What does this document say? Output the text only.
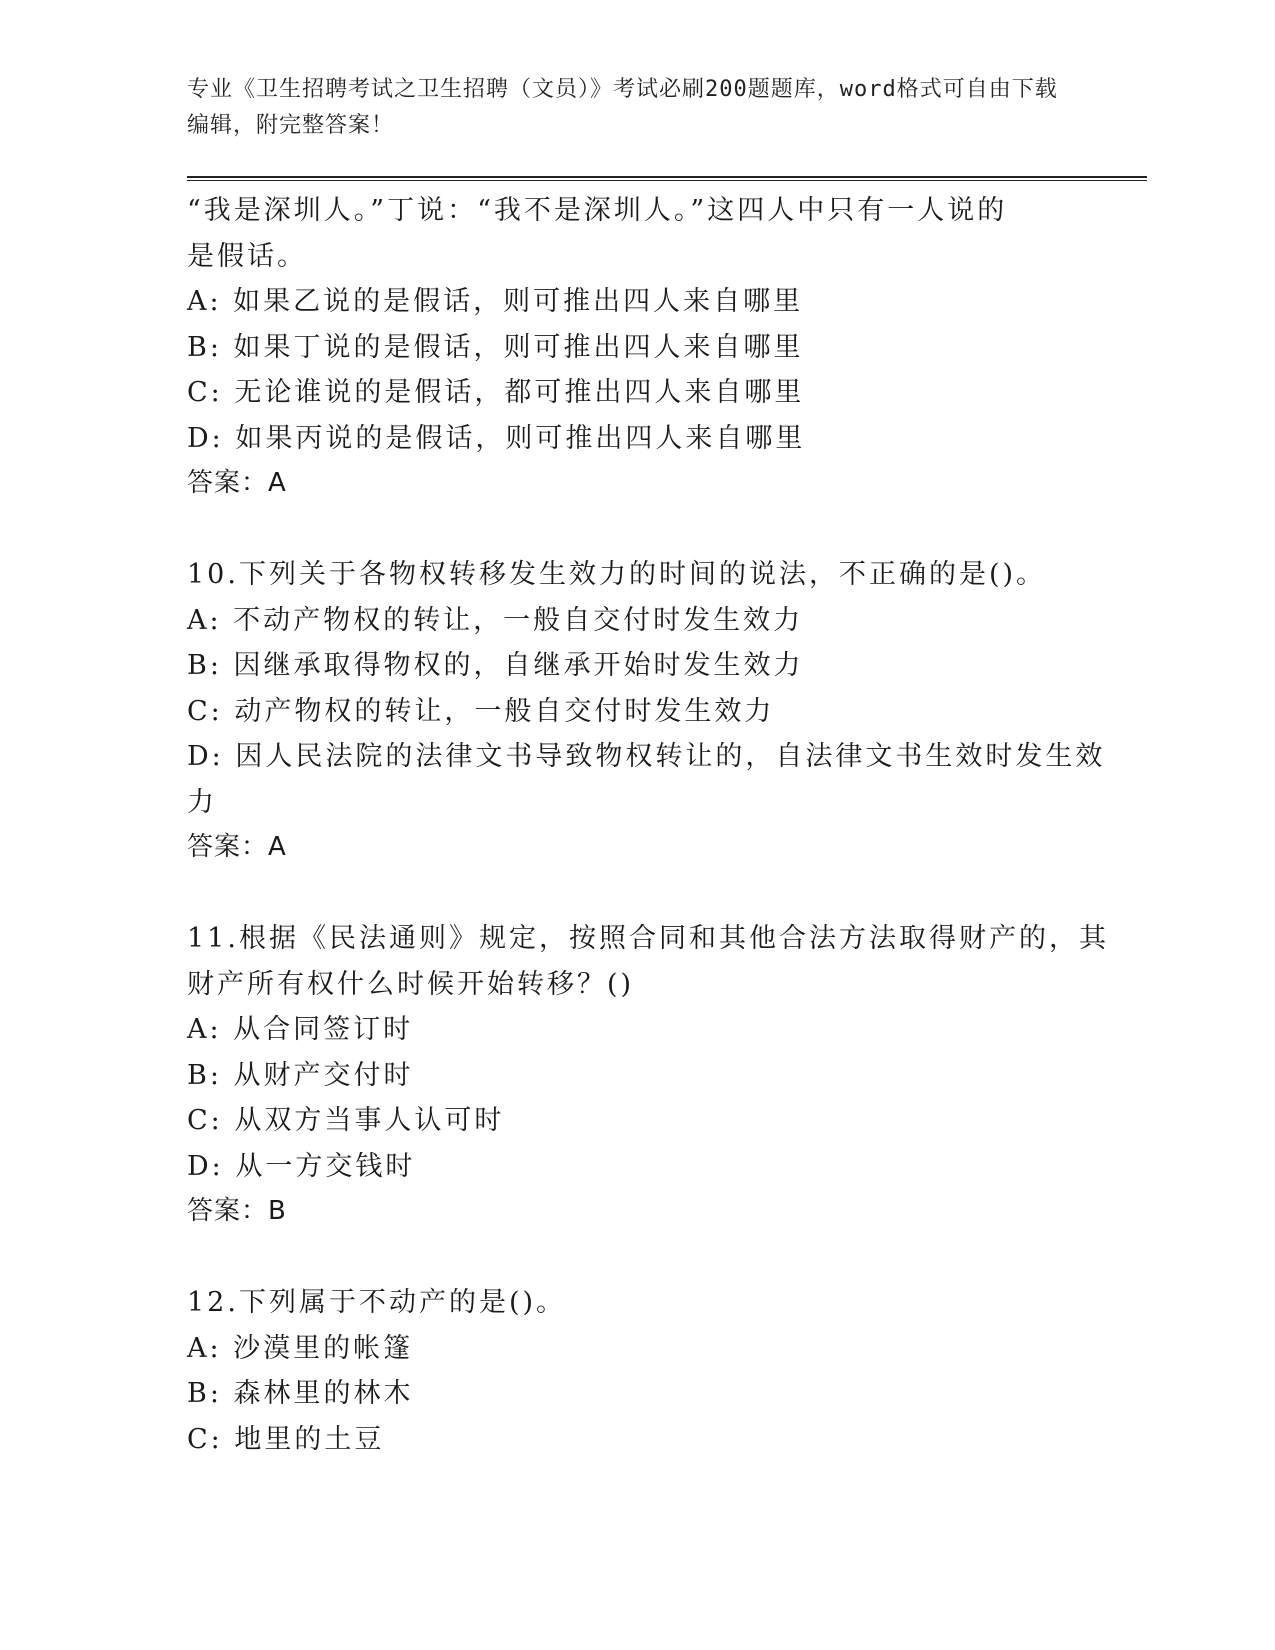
专业《卫生招聘考试之卫生招聘（文员）》考试必刷200题题库，word格式可自由下载编辑，附完整答案！
“我是深圳人。”丁说：“我不是深圳人。”这四人中只有一人说的
是假话。
A: 如果乙说的是假话，则可推出四人来自哪里
B: 如果丁说的是假话，则可推出四人来自哪里
C: 无论谁说的是假话，都可推出四人来自哪里
D: 如果丙说的是假话，则可推出四人来自哪里
答案：A
10.下列关于各物权转移发生效力的时间的说法，不正确的是()。
A: 不动产物权的转让，一般自交付时发生效力
B: 因继承取得物权的，自继承开始时发生效力
C: 动产物权的转让，一般自交付时发生效力
D: 因人民法院的法律文书导致物权转让的，自法律文书生效时发生效
力
答案：A
11.根据《民法通则》规定，按照合同和其他合法方法取得财产的，其
财产所有权什么时候开始转移？()
A: 从合同签订时
B: 从财产交付时
C: 从双方当事人认可时
D: 从一方交钱时
答案：B
12.下列属于不动产的是()。
A: 沙漠里的帐篷
B: 森林里的林木
C: 地里的土豆
